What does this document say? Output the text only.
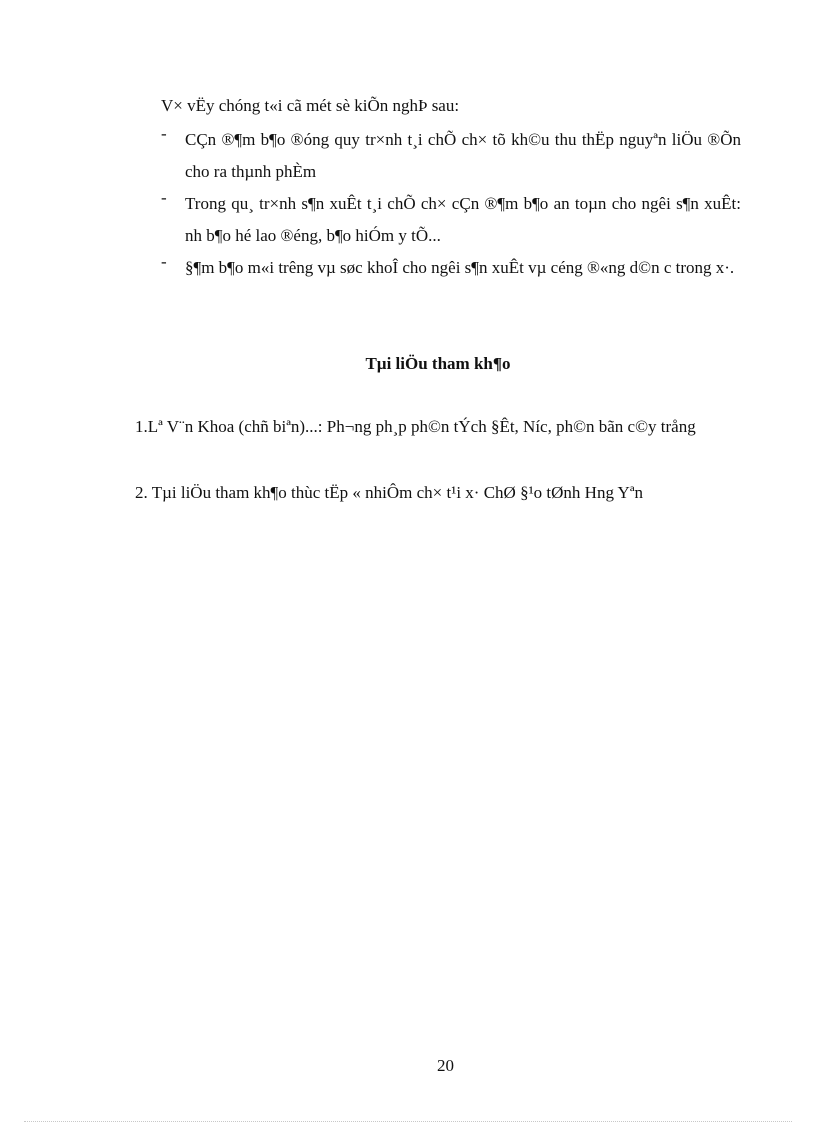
V× vËy chóng t«i cã mét sè kiÕn nghÞ sau:
- CÇn ®¶m b¶o ®óng quy tr×nh t¸i chÕ ch× tõ kh©u thu thËp nguyªn liÖu ®Õn cho ra thµnh phÈm
- Trong qu¸ tr×nh s¶n xuÊt t¸i chÕ ch× cÇn ®¶m b¶o an toµn cho ngêi s¶n xuÊt: nh b¶o hé lao ®éng, b¶o hiÓm y tÕ...
- §¶m b¶o m«i trêng vµ søc khoÎ cho ngêi s¶n xuÊt vµ céng ®«ng d©n c trong x·.
Tµi liÖu tham kh¶o
1.Lª V¨n Khoa (chñ biªn)...: Ph¬ng ph¸p ph©n tÝch §Êt, Níc, ph©n bãn c©y trång
2. Tµi liÖu tham kh¶o thùc tËp « nhiÔm ch× t¹i x· ChØ §¹o tØnh Hng Yªn
20
